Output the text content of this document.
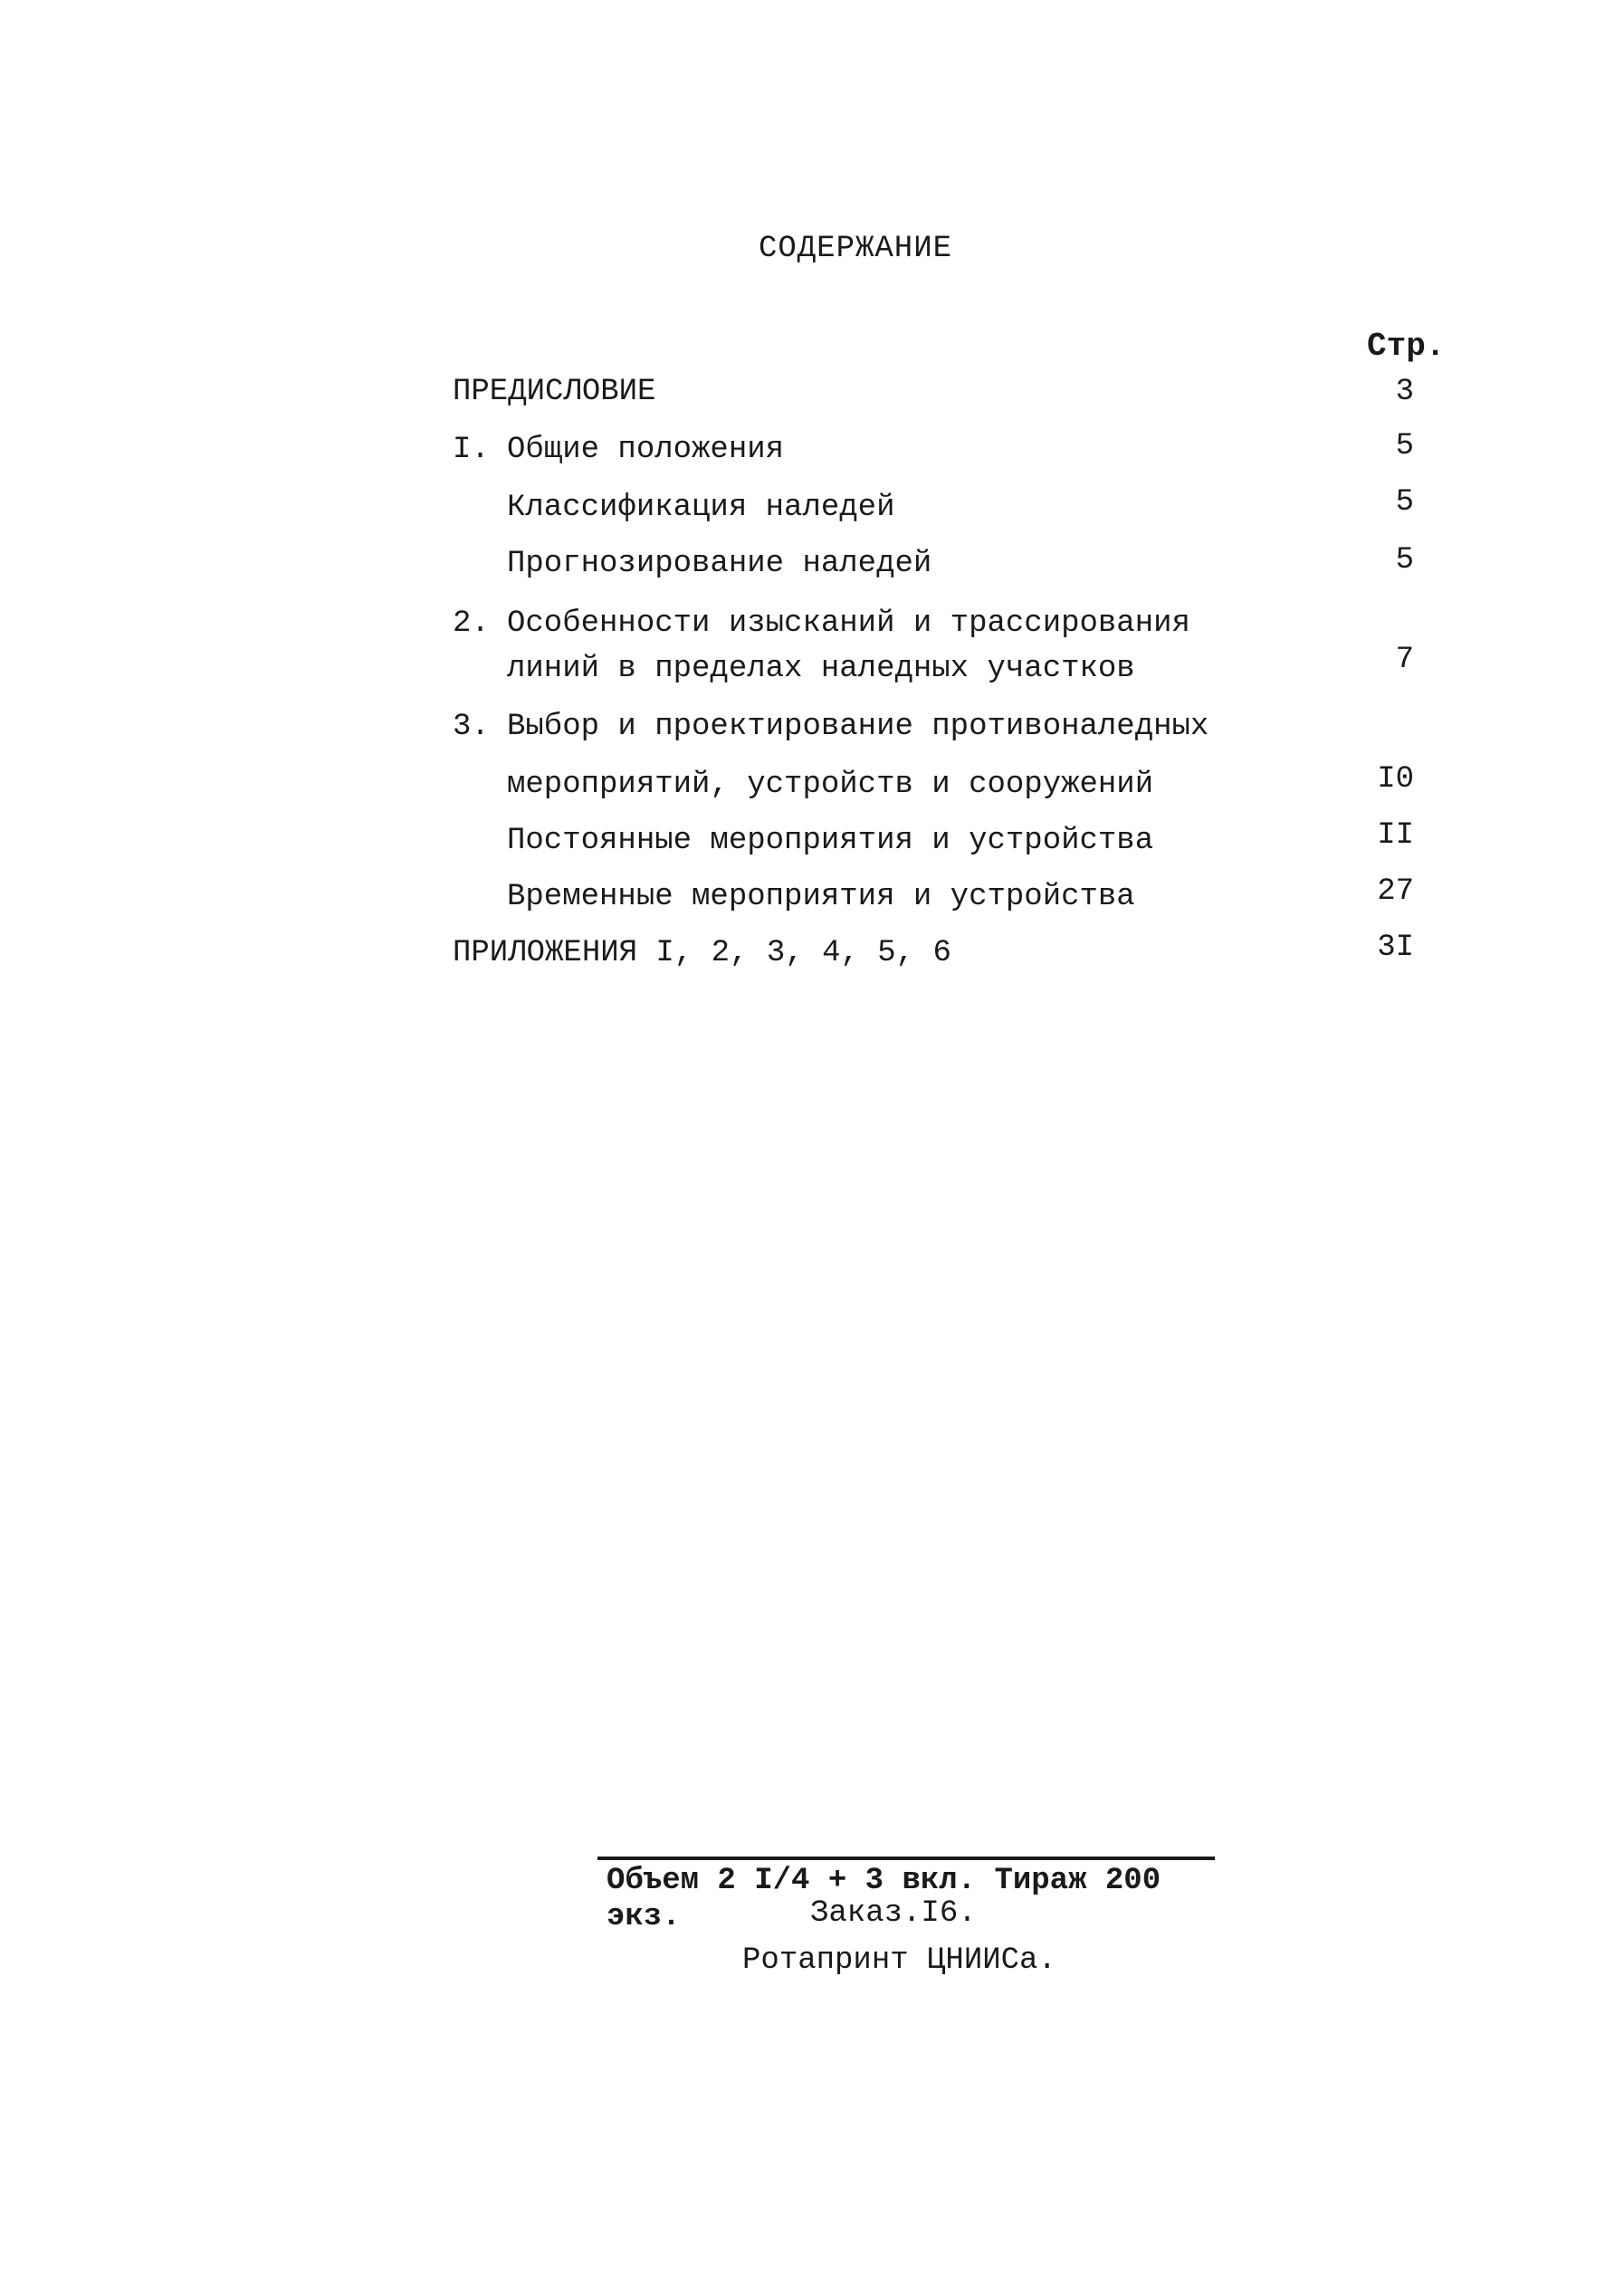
СОДЕРЖАНИЕ
Стр.
ПРЕДИСЛОВИЕ	3
I. Общие положения	5
Классификация наледей	5
Прогнозирование наледей	5
2. Особенности изысканий и трассирования
линий в пределах наледных участков	7
3. Выбор и проектирование противоналедных
мероприятий, устройств и сооружений	I0
Постоянные мероприятия и устройства	II
Временные мероприятия и устройства	27
ПРИЛОЖЕНИЯ I, 2, 3, 4, 5, 6	3I
Объем 2 I/4 + 3 вкл. Тираж 200 экз.	Заказ.I6.
Ротапринт ЦНИИСа.
